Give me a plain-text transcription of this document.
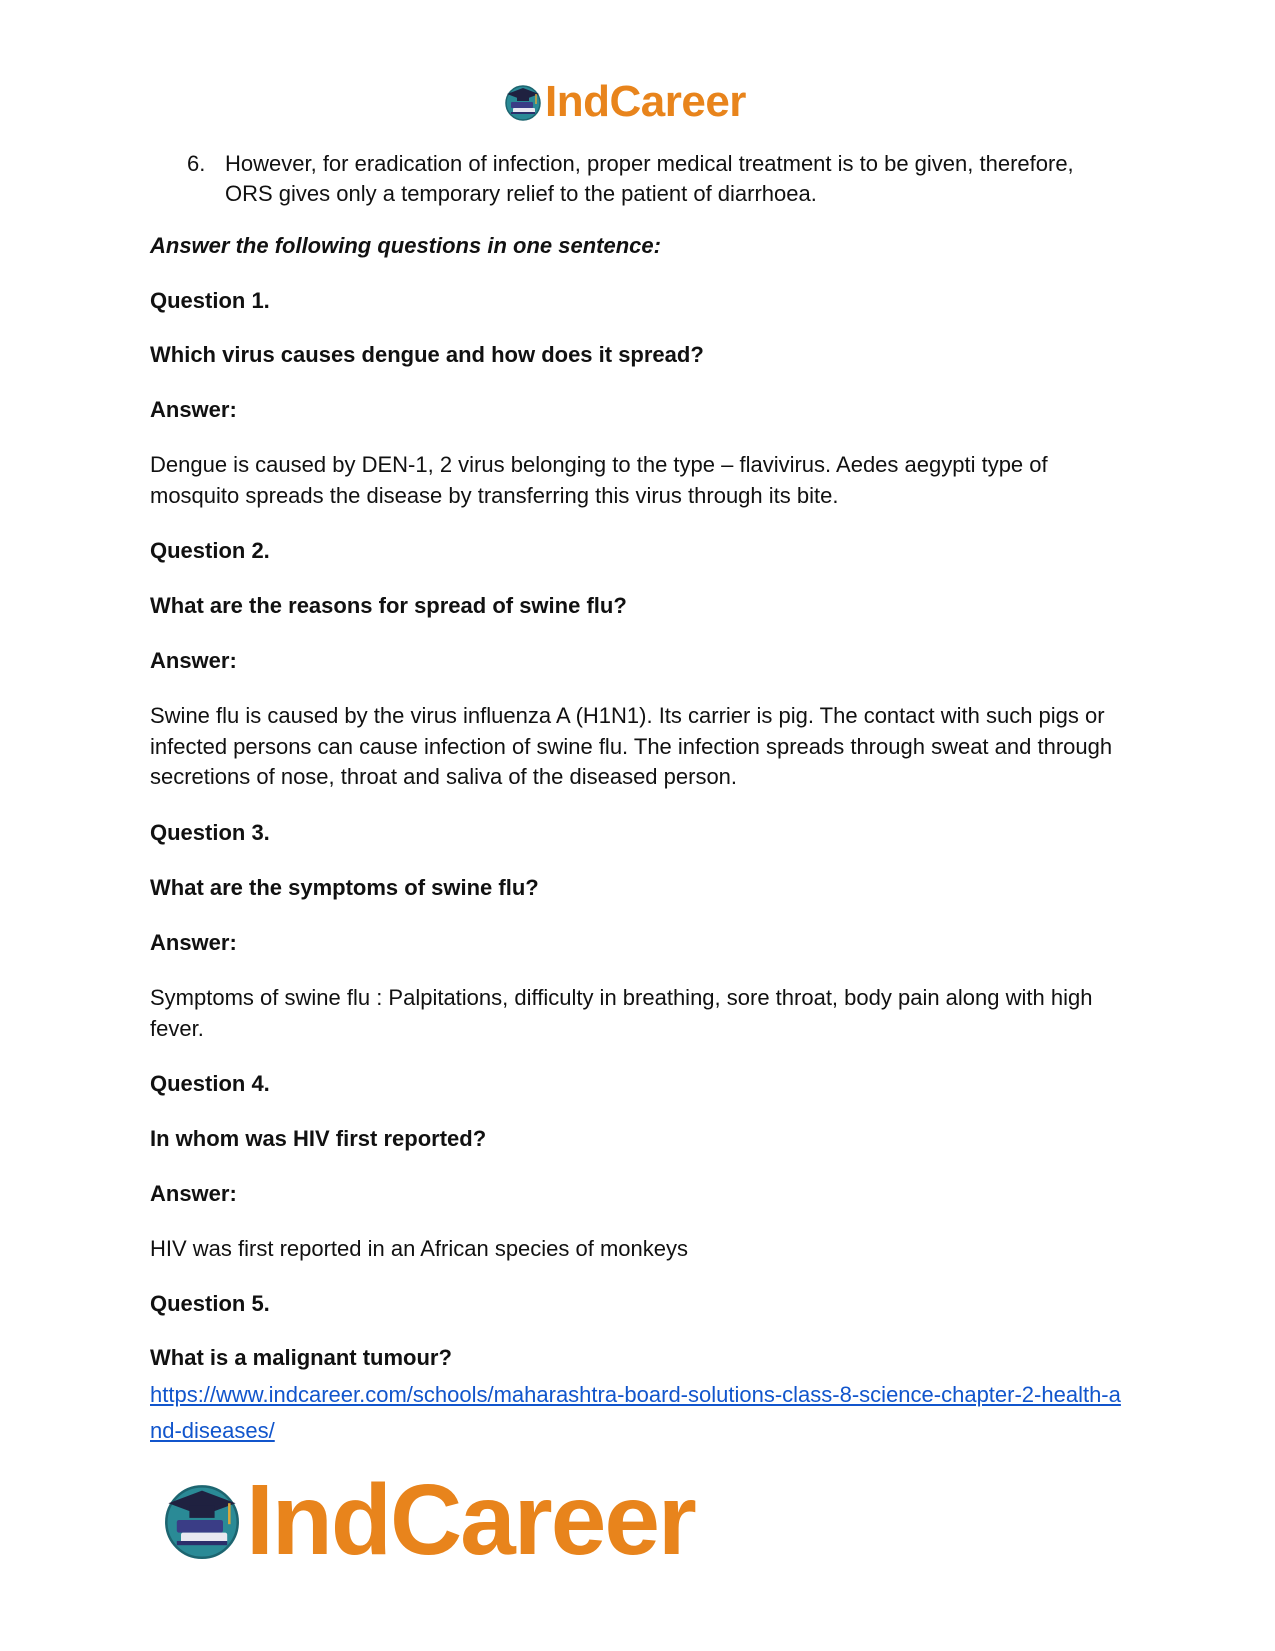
IndCareer
6. However, for eradication of infection, proper medical treatment is to be given, therefore, ORS gives only a temporary relief to the patient of diarrhoea.
Answer the following questions in one sentence:
Question 1.
Which virus causes dengue and how does it spread?
Answer:
Dengue is caused by DEN-1, 2 virus belonging to the type – flavivirus. Aedes aegypti type of mosquito spreads the disease by transferring this virus through its bite.
Question 2.
What are the reasons for spread of swine flu?
Answer:
Swine flu is caused by the virus influenza A (H1N1). Its carrier is pig. The contact with such pigs or infected persons can cause infection of swine flu. The infection spreads through sweat and through secretions of nose, throat and saliva of the diseased person.
Question 3.
What are the symptoms of swine flu?
Answer:
Symptoms of swine flu : Palpitations, difficulty in breathing, sore throat, body pain along with high fever.
Question 4.
In whom was HIV first reported?
Answer:
HIV was first reported in an African species of monkeys
Question 5.
What is a malignant tumour?
https://www.indcareer.com/schools/maharashtra-board-solutions-class-8-science-chapter-2-health-and-diseases/
IndCareer
